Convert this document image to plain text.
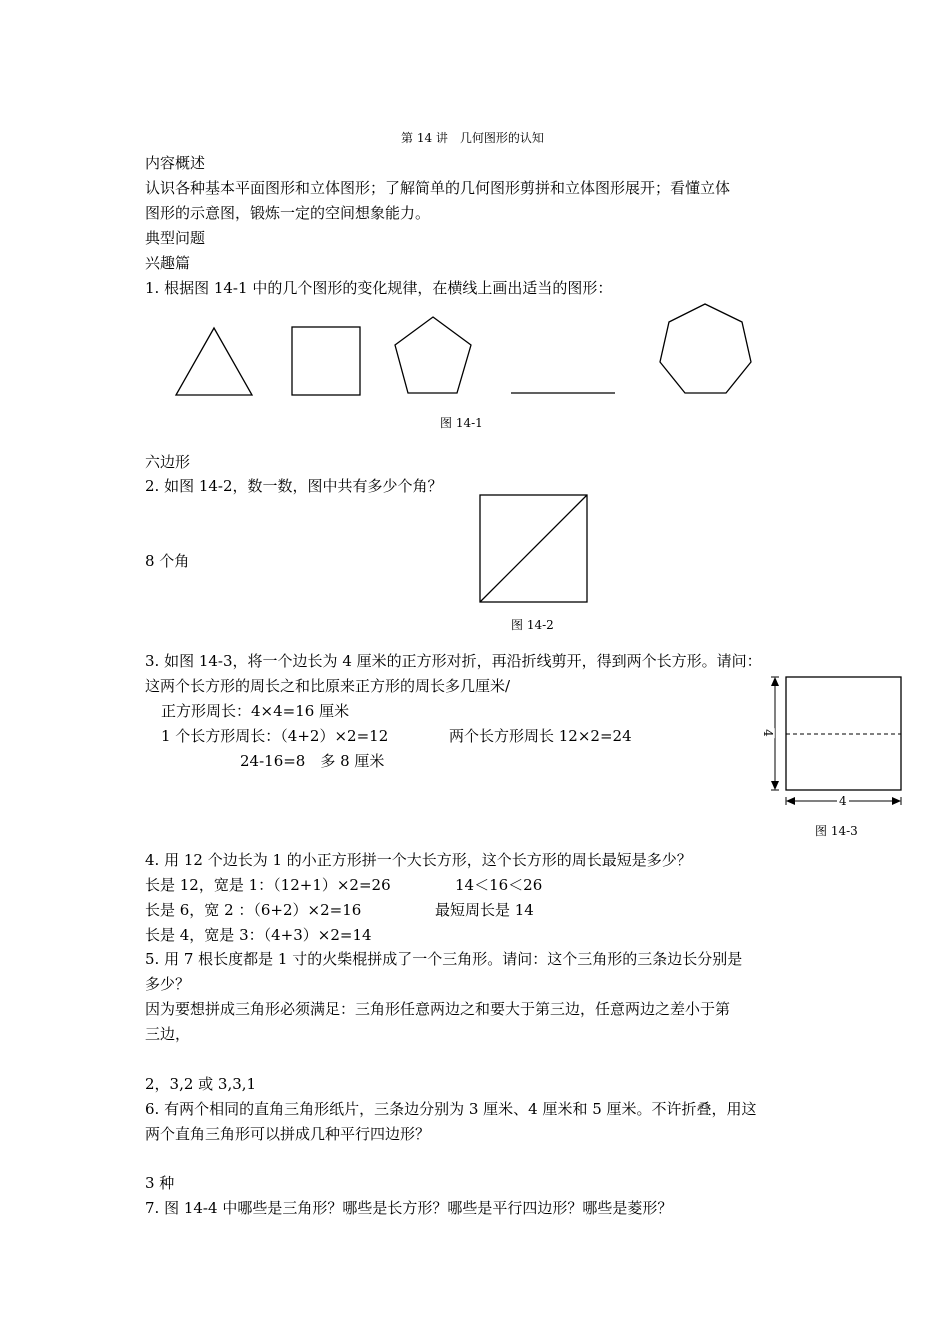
第 14 讲　几何图形的认知
内容概述
认识各种基本平面图形和立体图形；了解简单的几何图形剪拼和立体图形展开；看懂立体
图形的示意图，锻炼一定的空间想象能力。
典型问题
兴趣篇
1. 根据图 14-1 中的几个图形的变化规律，在横线上画出适当的图形：
图 14-1
六边形
2. 如图 14-2，数一数，图中共有多少个角？
8 个角
图 14-2
3. 如图 14-3，将一个边长为 4 厘米的正方形对折，再沿折线剪开，得到两个长方形。请问：
这两个长方形的周长之和比原来正方形的周长多几厘米/
正方形周长：4×4=16 厘米
1 个长方形周长：（4+2）×2=12	两个长方形周长 12×2=24
24-16=8　多 8 厘米
4
4
图 14-3
4. 用 12 个边长为 1 的小正方形拼一个大长方形，这个长方形的周长最短是多少？
长是 12，宽是 1：（12+1）×2=26	14＜16＜26
长是 6，宽 2 ：（6+2）×2=16	最短周长是 14
长是 4，宽是 3：（4+3）×2=14
5. 用 7 根长度都是 1 寸的火柴棍拼成了一个三角形。请问：这个三角形的三条边长分别是
多少？
因为要想拼成三角形必须满足：三角形任意两边之和要大于第三边，任意两边之差小于第
三边，
2，3,2 或 3,3,1
6. 有两个相同的直角三角形纸片，三条边分别为 3 厘米、4 厘米和 5 厘米。不许折叠，用这
两个直角三角形可以拼成几种平行四边形？
3 种
7. 图 14-4 中哪些是三角形？哪些是长方形？哪些是平行四边形？哪些是菱形？
